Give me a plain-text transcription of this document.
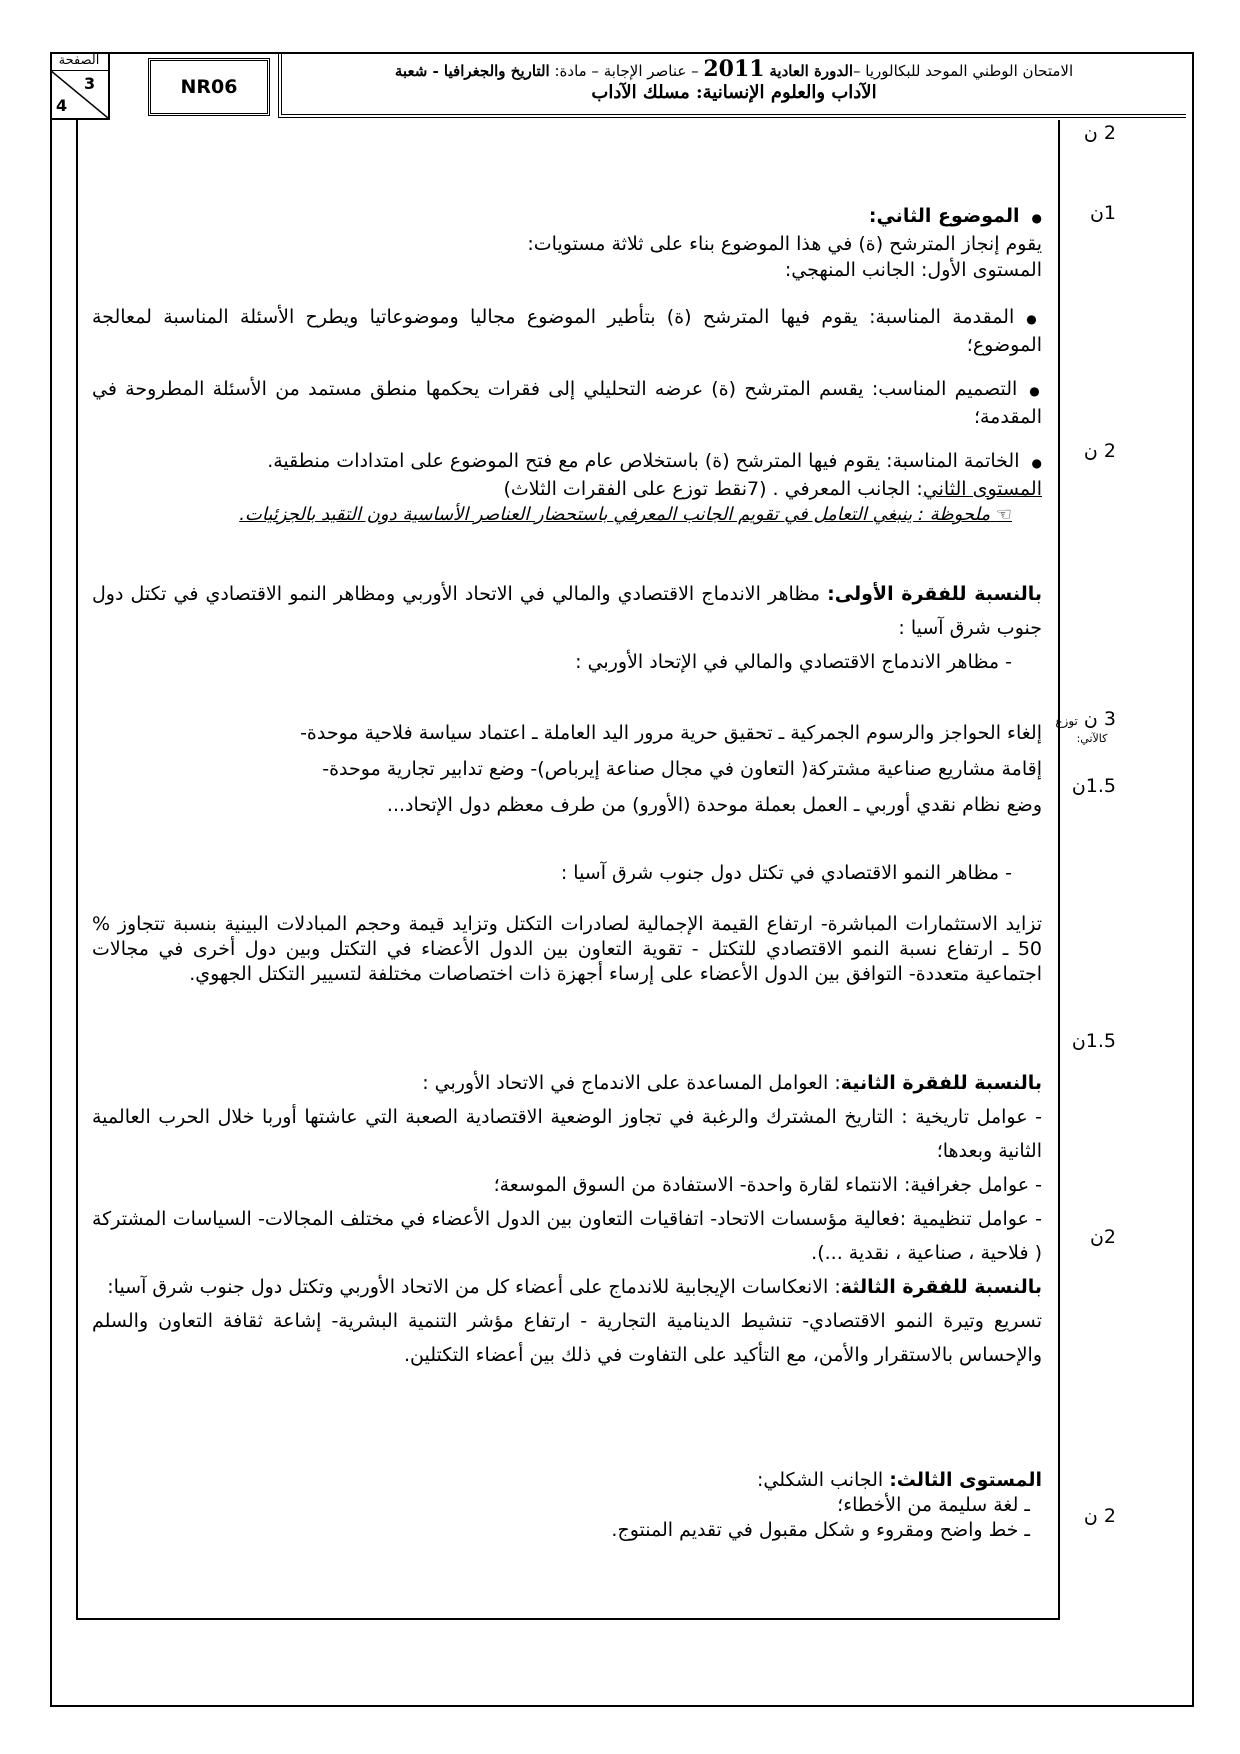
الصفحة
3
4
NR06
الامتحان الوطني الموحد للبكالوريا –الدورة العادية 2011 – عناصر الإجابة – مادة: التاريخ والجغرافيا - شعبة
الآداب والعلوم الإنسانية: مسلك الآداب
2 ن
1ن
2 ن
3 ن توزع
كالآتي:
1.5ن
1.5ن
2ن
2 ن

● الموضوع الثاني:

يقوم إنجاز المترشح (ة) في هذا الموضوع بناء على ثلاثة مستويات:

المستوى الأول: الجانب المنهجي:

● المقدمة المناسبة: يقوم فيها المترشح (ة) بتأطير الموضوع مجاليا وموضوعاتيا ويطرح الأسئلة المناسبة لمعالجة الموضوع؛

● التصميم المناسب: يقسم المترشح (ة) عرضه التحليلي إلى فقرات يحكمها منطق مستمد من الأسئلة المطروحة في المقدمة؛

● الخاتمة المناسبة: يقوم فيها المترشح (ة) باستخلاص عام مع فتح الموضوع على امتدادات منطقية.

المستوى الثاني: الجانب المعرفي . (7نقط توزع على الفقرات الثلاث)

☜ ملحوظة : ينبغي التعامل في تقويم الجانب المعرفي باستحضار العناصر الأساسية دون التقيد بالجزئيات.

بالنسبة للفقرة الأولى: مظاهر الاندماج الاقتصادي والمالي في الاتحاد الأوربي ومظاهر النمو الاقتصادي في تكتل دول جنوب شرق آسيا :

- مظاهر الاندماج الاقتصادي والمالي في الإتحاد الأوربي :

إلغاء الحواجز والرسوم الجمركية ـ تحقيق حرية مرور اليد العاملة ـ اعتماد سياسة فلاحية موحدة-

إقامة مشاريع صناعية مشتركة( التعاون في مجال صناعة إيرباص)- وضع تدابير تجارية موحدة-

وضع نظام نقدي أوربي ـ العمل بعملة موحدة (الأورو) من طرف معظم دول الإتحاد...

- مظاهر النمو الاقتصادي في تكتل دول جنوب شرق آسيا :

تزايد الاستثمارات المباشرة- ارتفاع القيمة الإجمالية لصادرات التكتل وتزايد قيمة وحجم المبادلات البينية بنسبة تتجاوز % 50 ـ ارتفاع نسبة النمو الاقتصادي للتكتل - تقوية التعاون بين الدول الأعضاء في التكتل وبين دول أخرى في مجالات اجتماعية متعددة- التوافق بين الدول الأعضاء على إرساء أجهزة ذات اختصاصات مختلفة لتسيير التكتل الجهوي.

بالنسبة للفقرة الثانية: العوامل المساعدة على الاندماج في الاتحاد الأوربي :

- عوامل تاريخية : التاريخ المشترك والرغبة في تجاوز الوضعية الاقتصادية الصعبة التي عاشتها أوربا خلال الحرب العالمية الثانية وبعدها؛

- عوامل جغرافية: الانتماء لقارة واحدة- الاستفادة من السوق الموسعة؛

- عوامل تنظيمية :فعالية مؤسسات الاتحاد- اتفاقيات التعاون بين الدول الأعضاء في مختلف المجالات- السياسات المشتركة ( فلاحية ، صناعية ، نقدية ...).

بالنسبة للفقرة الثالثة: الانعكاسات الإيجابية للاندماج على أعضاء كل من الاتحاد الأوربي وتكتل دول جنوب شرق آسيا:

تسريع وتيرة النمو الاقتصادي- تنشيط الدينامية التجارية - ارتفاع مؤشر التنمية البشرية- إشاعة ثقافة التعاون والسلم والإحساس بالاستقرار والأمن، مع التأكيد على التفاوت في ذلك بين أعضاء التكتلين.

المستوى الثالث: الجانب الشكلي:

ـ لغة سليمة من الأخطاء؛

ـ خط واضح ومقروء و شكل مقبول في تقديم المنتوج.
